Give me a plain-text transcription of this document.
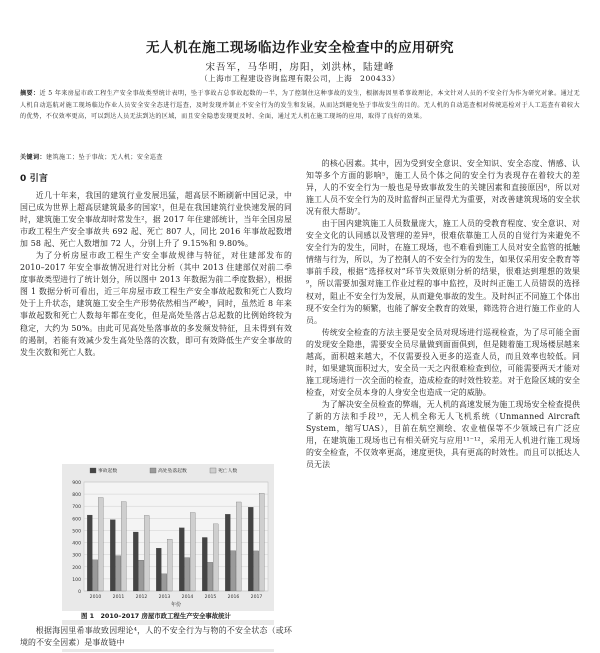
无人机在施工现场临边作业安全检查中的应用研究
宋吾军，马华明，房阳，刘洪林，陆建峰
（上海市工程建设咨询监理有限公司，上海　200433）
摘要：近 5 年来房屋市政工程生产安全事故类型统计表明，坠于事故占总事故起数的一半，为了控制住这种事故的发生，根据海因里希事故理论，本文针对人员的不安全行为作为研究对象。通过无人机自动巡航对施工现场临边作业人员安全安全态进行巡查，及时发现并制止不安全行为的发生和发展，从而达到避免坠于事故发生的目的。无人机的自动巡查相对传统巡检对于人工巡查有着较大的优势，不仅效率更高，可以到达人员无法到达的区域，而且安全隐患发现更及时、全面，通过无人机在施工现场的应用，取得了良好的效果。
关键词：建筑施工；坠于事故；无人机；安全巡查
0 引言

近几十年来，我国的建筑行业发展迅猛，超高层不断刷新中国记录，中国已成为世界上超高层建筑最多的国家¹，但是在我国建筑行业快速发展的同时，建筑施工安全事故却时常发生²，据 2017 年住建部统计，当年全国房屋市政工程生产安全事故共 692 起、死亡 807 人，同比 2016 年事故起数增加 58 起、死亡人数增加 72 人，分别上升了 9.15%和 9.80%。

为了分析房屋市政工程生产安全事故规律与特征，对住建部发布的 2010–2017 年安全事故情况进行对比分析（其中 2013 住建部仅对前二季度事故类型进行了统计划分，所以图中 2013 年数据为前二季度数据），根据图 1 数据分析可看出，近三年房屋市政工程生产安全事故起数和死亡人数均处于上升状态，建筑施工安全生产形势依然相当严峻³，同时，虽然近 8 年来事故起数和死亡人数每年都在变化，但是高处坠落占总起数的比例始终较为稳定，大约为 50%。由此可见高处坠落事故的多发频发特征，且未得到有效的遏制，若能有效减少发生高处坠落的次数，即可有效降低生产安全事故的发生次数和死亡人数。

0
100
200
300
400
500
600
700
800
900
事故起数	高处坠落起数	死亡人数
2010 2011 2012 2013 2014 2015 2016 2017
年份
图 1　2010–2017 房屋市政工程生产安全事故统计

根据海因里希事故致因理论⁴，人的不安全行为与物的不安全状态（或环境的不安全因素）是事故链中

的核心因素。其中，因为受到安全意识、安全知识、安全态度、情感、认知等多个方面的影响⁵，施工人员个体之间的安全行为表现存在着较大的差异，人的不安全行为一般也是导致事故发生的关键因素和直接原因⁶，所以对施工人员不安全行为的及时监督纠正显得尤为重要，对改善建筑现场的安全状况有很大帮助⁷。

由于国内建筑施工人员数量庞大，施工人员的受教育程度、安全意识、对安全文化的认同感以及管理的差异⁸，很难依靠施工人员的自觉行为来避免不安全行为的发生，同时，在施工现场，也不难看到施工人员对安全监管的抵触情绪与行为，所以，为了控制人的不安全行为的发生，如果仅采用安全教育等事前手段，根据“选择权对”环节失效原则分析的结果，很难达到理想的效果⁹，所以需要加强对施工作业过程的事中监控，及时纠正施工人员错误的选择权对，阻止不安全行为发展，从而避免事故的发生。及时纠正不同施工个体出现不安全行为的频繁，也能了解安全教育的效果，筛选符合进行施工作业的人员。

传统安全检查的方法主要是安全员对现场进行巡视检查，为了尽可能全面的发现安全隐患，需要安全员尽量做到面面俱到，但是随着施工现场楼层越来越高，面积越来越大，不仅需要投入更多的巡查人员，而且效率也较低。同时，如果建筑面积过大，安全员一天之内很难检查到位，可能需要两天才能对施工现场进行一次全面的检查，造成检查的时效性较差。对于危险区域的安全检查，对安全员本身的人身安全也造成一定的威胁。

为了解决安全员检查的弊端，无人机的高速发展为施工现场安全检查提供了新的方法和手段¹⁰，无人机全称无人飞机系统（Unmanned Aircraft System，缩写UAS），目前在航空测绘、农业植保等不少领域已有广泛应用，在建筑施工现场也已有相关研究与应用¹¹⁻¹²，采用无人机进行施工现场的安全检查，不仅效率更高，速度更快，具有更高的时效性。而且可以抵达人员无法
